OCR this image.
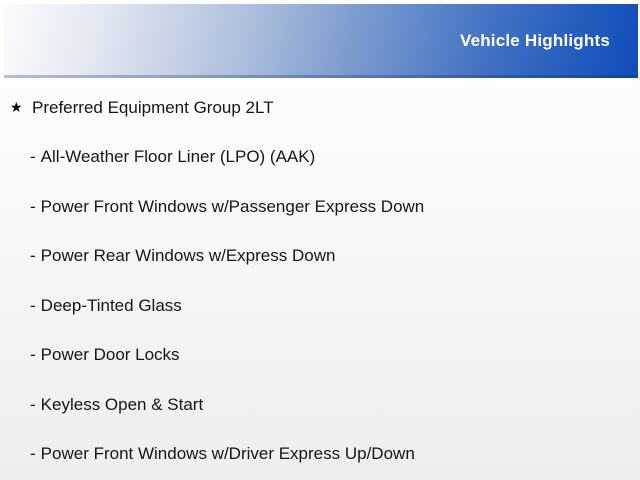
Vehicle Highlights
★ Preferred Equipment Group 2LT
- All-Weather Floor Liner (LPO) (AAK)
- Power Front Windows w/Passenger Express Down
- Power Rear Windows w/Express Down
- Deep-Tinted Glass
- Power Door Locks
- Keyless Open & Start
- Power Front Windows w/Driver Express Up/Down
